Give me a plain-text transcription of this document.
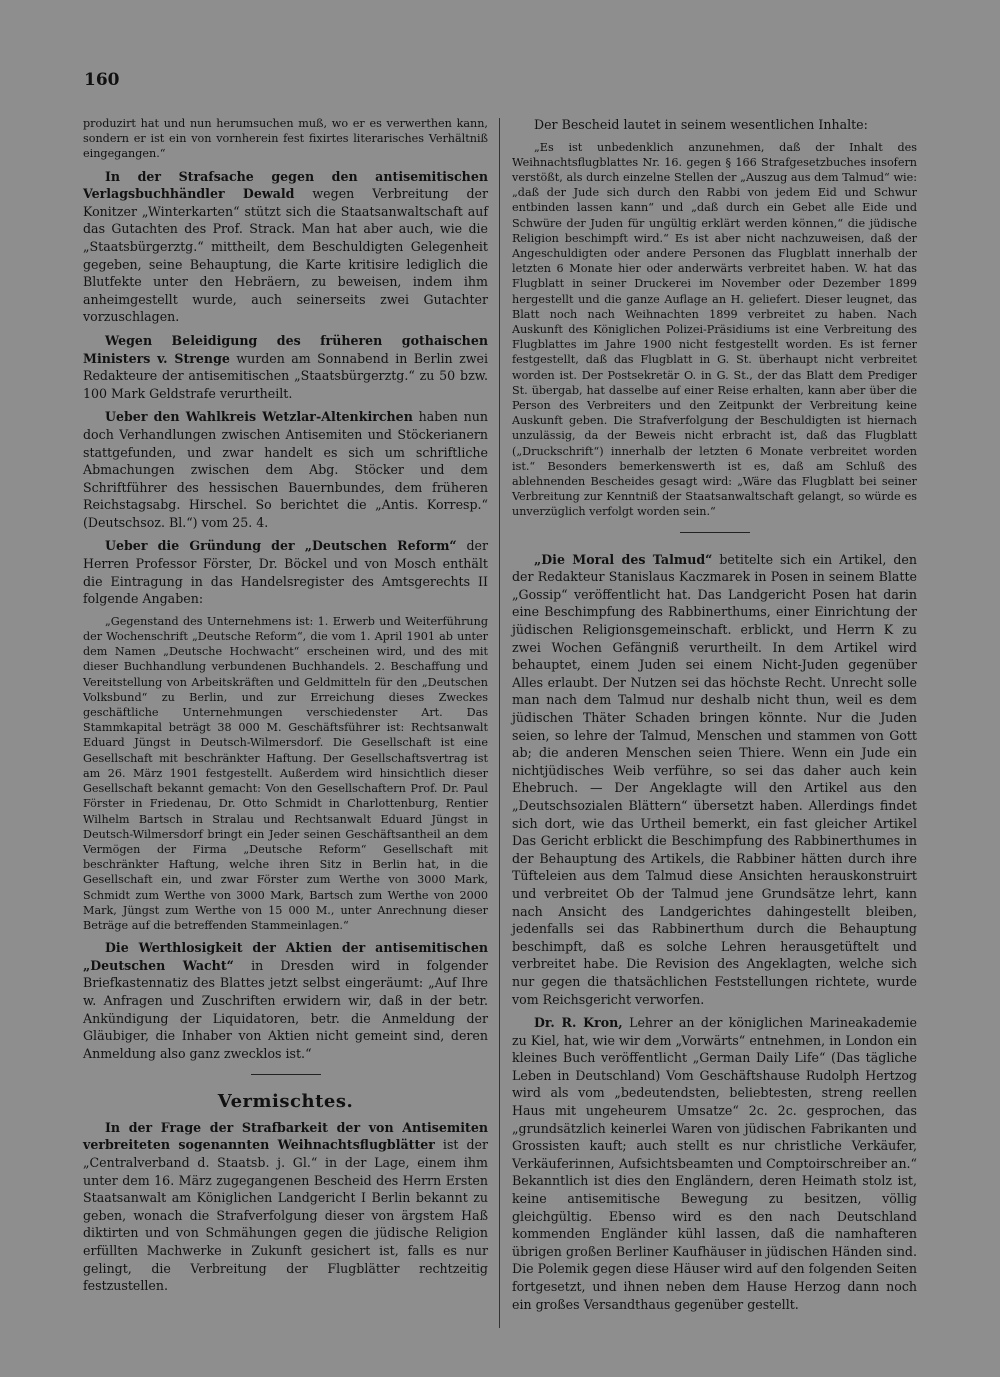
160

produzirt hat und nun herumsuchen muß, wo er es verwerthen kann, sondern er ist ein von vornherein fest fixirtes literarisches Verhältniß eingegangen.“

In der Strafsache gegen den antisemitischen Verlagsbuchhändler Dewald wegen Verbreitung der Konitzer „Winterkarten“ stützt sich die Staatsanwaltschaft auf das Gutachten des Prof. Strack. Man hat aber auch, wie die „Staatsbürgerztg.“ mittheilt, dem Beschuldigten Gelegenheit gegeben, seine Behauptung, die Karte kritisire lediglich die Blutfekte unter den Hebräern, zu beweisen, indem ihm anheimgestellt wurde, auch seinerseits zwei Gutachter vorzuschlagen.

Wegen Beleidigung des früheren gothaischen Ministers v. Strenge wurden am Sonnabend in Berlin zwei Redakteure der antisemitischen „Staatsbürgerztg.“ zu 50 bzw. 100 Mark Geldstrafe verurtheilt.

Ueber den Wahlkreis Wetzlar-Altenkirchen haben nun doch Verhandlungen zwischen Antisemiten und Stöckerianern stattgefunden, und zwar handelt es sich um schriftliche Abmachungen zwischen dem Abg. Stöcker und dem Schriftführer des hessischen Bauernbundes, dem früheren Reichstagsabg. Hirschel. So berichtet die „Antis. Korresp.“ (Deutschsoz. Bl.“) vom 25. 4.

Ueber die Gründung der „Deutschen Reform“ der Herren Professor Förster, Dr. Böckel und von Mosch enthält die Eintragung in das Handelsregister des Amtsgerechts II folgende Angaben:

„Gegenstand des Unternehmens ist: 1. Erwerb und Weiterführung der Wochenschrift „Deutsche Reform“, die vom 1. April 1901 ab unter dem Namen „Deutsche Hochwacht“ erscheinen wird, und des mit dieser Buchhandlung verbundenen Buchhandels. 2. Beschaffung und Vereitstellung von Arbeitskräften und Geldmitteln für den „Deutschen Volksbund“ zu Berlin, und zur Erreichung dieses Zweckes geschäftliche Unternehmungen verschiedenster Art. Das Stammkapital beträgt 38 000 M. Geschäftsführer ist: Rechtsanwalt Eduard Jüngst in Deutsch-Wilmersdorf. Die Gesellschaft ist eine Gesellschaft mit beschränkter Haftung. Der Gesellschaftsvertrag ist am 26. März 1901 festgestellt. Außerdem wird hinsichtlich dieser Gesellschaft bekannt gemacht: Von den Gesellschaftern Prof. Dr. Paul Förster in Friedenau, Dr. Otto Schmidt in Charlottenburg, Rentier Wilhelm Bartsch in Stralau und Rechtsanwalt Eduard Jüngst in Deutsch-Wilmersdorf bringt ein Jeder seinen Geschäftsantheil an dem Vermögen der Firma „Deutsche Reform“ Gesellschaft mit beschränkter Haftung, welche ihren Sitz in Berlin hat, in die Gesellschaft ein, und zwar Förster zum Werthe von 3000 Mark, Schmidt zum Werthe von 3000 Mark, Bartsch zum Werthe von 2000 Mark, Jüngst zum Werthe von 15 000 M., unter Anrechnung dieser Beträge auf die betreffenden Stammeinlagen.“

Die Werthlosigkeit der Aktien der antisemitischen „Deutschen Wacht“ in Dresden wird in folgender Briefkastennatiz des Blattes jetzt selbst eingeräumt: „Auf Ihre w. Anfragen und Zuschriften erwidern wir, daß in der betr. Ankündigung der Liquidatoren, betr. die Anmeldung der Gläubiger, die Inhaber von Aktien nicht gemeint sind, deren Anmeldung also ganz zwecklos ist.“

Vermischtes.

In der Frage der Strafbarkeit der von Antisemiten verbreiteten sogenannten Weihnachtsflugblätter ist der „Centralverband d. Staatsb. j. Gl.“ in der Lage, einem ihm unter dem 16. März zugegangenen Bescheid des Herrn Ersten Staatsanwalt am Königlichen Landgericht I Berlin bekannt zu geben, wonach die Strafverfolgung dieser von ärgstem Haß diktirten und von Schmähungen gegen die jüdische Religion erfüllten Machwerke in Zukunft gesichert ist, falls es nur gelingt, die Verbreitung der Flugblätter rechtzeitig festzustellen.

Der Bescheid lautet in seinem wesentlichen Inhalte:

„Es ist unbedenklich anzunehmen, daß der Inhalt des Weihnachtsflugblattes Nr. 16. gegen § 166 Strafgesetzbuches insofern verstößt, als durch einzelne Stellen der „Auszug aus dem Talmud“ wie: „daß der Jude sich durch den Rabbi von jedem Eid und Schwur entbinden lassen kann“ und „daß durch ein Gebet alle Eide und Schwüre der Juden für ungültig erklärt werden können,“ die jüdische Religion beschimpft wird.“ Es ist aber nicht nachzuweisen, daß der Angeschuldigten oder andere Personen das Flugblatt innerhalb der letzten 6 Monate hier oder anderwärts verbreitet haben. W. hat das Flugblatt in seiner Druckerei im November oder Dezember 1899 hergestellt und die ganze Auflage an H. geliefert. Dieser leugnet, das Blatt noch nach Weihnachten 1899 verbreitet zu haben. Nach Auskunft des Königlichen Polizei-Präsidiums ist eine Verbreitung des Flugblattes im Jahre 1900 nicht festgestellt worden. Es ist ferner festgestellt, daß das Flugblatt in G. St. überhaupt nicht verbreitet worden ist. Der Postsekretär O. in G. St., der das Blatt dem Prediger St. übergab, hat dasselbe auf einer Reise erhalten, kann aber über die Person des Verbreiters und den Zeitpunkt der Verbreitung keine Auskunft geben. Die Strafverfolgung der Beschuldigten ist hiernach unzulässig, da der Beweis nicht erbracht ist, daß das Flugblatt („Druckschrift“) innerhalb der letzten 6 Monate verbreitet worden ist.“ Besonders bemerkenswerth ist es, daß am Schluß des ablehnenden Bescheides gesagt wird: „Wäre das Flugblatt bei seiner Verbreitung zur Kenntniß der Staatsanwaltschaft gelangt, so würde es unverzüglich verfolgt worden sein.“

„Die Moral des Talmud“ betitelte sich ein Artikel, den der Redakteur Stanislaus Kaczmarek in Posen in seinem Blatte „Gossip“ veröffentlicht hat. Das Landgericht Posen hat darin eine Beschimpfung des Rabbinerthums, einer Einrichtung der jüdischen Religionsgemeinschaft. erblickt, und Herrn K zu zwei Wochen Gefängniß verurtheilt. In dem Artikel wird behauptet, einem Juden sei einem Nicht-Juden gegenüber Alles erlaubt. Der Nutzen sei das höchste Recht. Unrecht solle man nach dem Talmud nur deshalb nicht thun, weil es dem jüdischen Thäter Schaden bringen könnte. Nur die Juden seien, so lehre der Talmud, Menschen und stammen von Gott ab; die anderen Menschen seien Thiere. Wenn ein Jude ein nichtjüdisches Weib verführe, so sei das daher auch kein Ehebruch. — Der Angeklagte will den Artikel aus den „Deutschsozialen Blättern“ übersetzt haben. Allerdings findet sich dort, wie das Urtheil bemerkt, ein fast gleicher Artikel Das Gericht erblickt die Beschimpfung des Rabbinerthumes in der Behauptung des Artikels, die Rabbiner hätten durch ihre Tüfteleien aus dem Talmud diese Ansichten herauskonstruirt und verbreitet Ob der Talmud jene Grundsätze lehrt, kann nach Ansicht des Landgerichtes dahingestellt bleiben, jedenfalls sei das Rabbinerthum durch die Behauptung beschimpft, daß es solche Lehren herausgetüftelt und verbreitet habe. Die Revision des Angeklagten, welche sich nur gegen die thatsächlichen Feststellungen richtete, wurde vom Reichsgericht verworfen.

Dr. R. Kron, Lehrer an der königlichen Marineakademie zu Kiel, hat, wie wir dem „Vorwärts“ entnehmen, in London ein kleines Buch veröffentlicht „German Daily Life“ (Das tägliche Leben in Deutschland) Vom Geschäftshause Rudolph Hertzog wird als vom „bedeutendsten, beliebtesten, streng reellen Haus mit ungeheurem Umsatze“ 2c. 2c. gesprochen, das „grundsätzlich keinerlei Waren von jüdischen Fabrikanten und Grossisten kauft; auch stellt es nur christliche Verkäufer, Verkäuferinnen, Aufsichtsbeamten und Comptoirschreiber an.“ Bekanntlich ist dies den Engländern, deren Heimath stolz ist, keine antisemitische Bewegung zu besitzen, völlig gleichgültig. Ebenso wird es den nach Deutschland kommenden Engländer kühl lassen, daß die namhafteren übrigen großen Berliner Kaufhäuser in jüdischen Händen sind. Die Polemik gegen diese Häuser wird auf den folgenden Seiten fortgesetzt, und ihnen neben dem Hause Herzog dann noch ein großes Versandthaus gegenüber gestellt.
